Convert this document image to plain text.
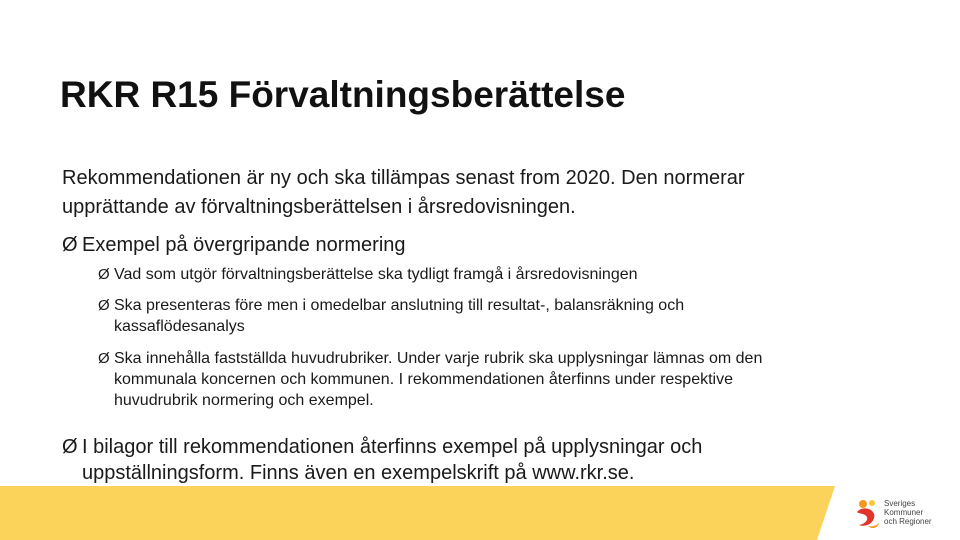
RKR R15 Förvaltningsberättelse
Rekommendationen är ny och ska tillämpas senast from 2020. Den normerar upprättande av förvaltningsberättelsen i årsredovisningen.
Ø Exempel på övergripande normering
Ø Vad som utgör förvaltningsberättelse ska tydligt framgå i årsredovisningen
Ø Ska presenteras före men i omedelbar anslutning till resultat-, balansräkning och kassaflödesanalys
Ø Ska innehålla fastställda huvudrubriker. Under varje rubrik ska upplysningar lämnas om den kommunala koncernen och kommunen. I rekommendationen återfinns under respektive huvudrubrik normering och exempel.
Ø I bilagor till rekommendationen återfinns exempel på upplysningar och uppställningsform. Finns även en exempelskrift på www.rkr.se.
Sveriges
Kommuner
och Regioner
